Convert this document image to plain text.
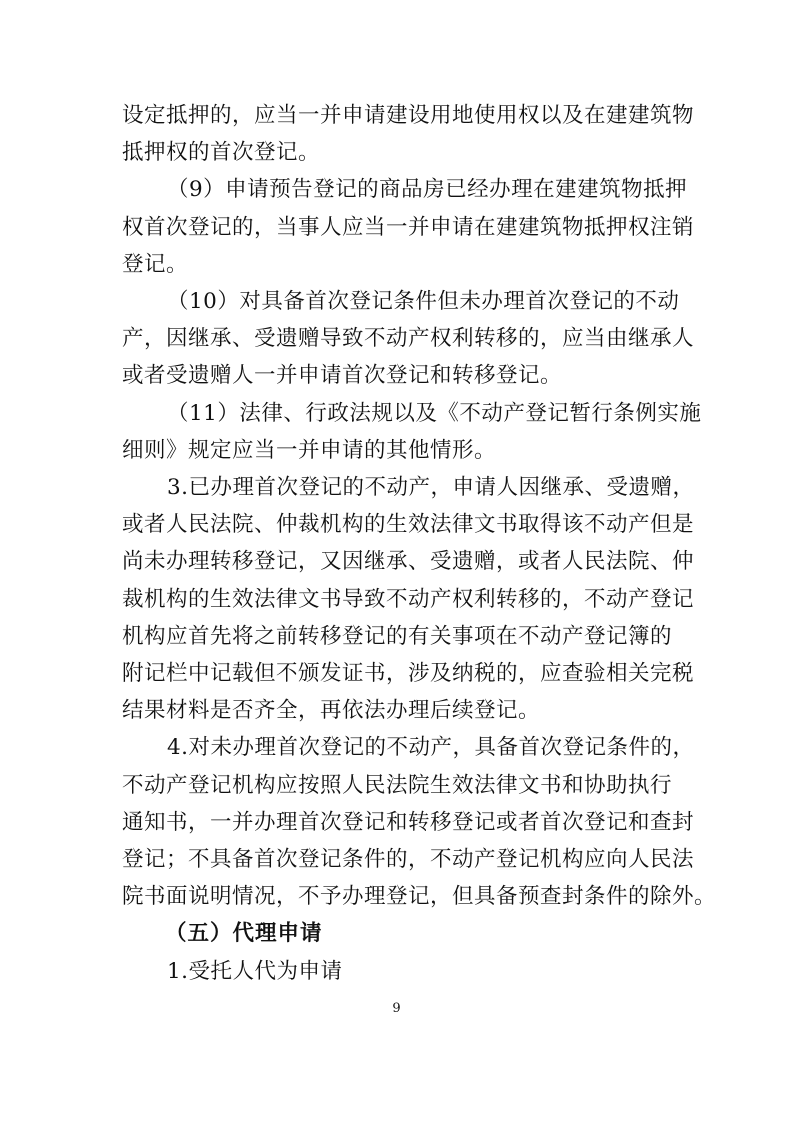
设定抵押的，应当一并申请建设用地使用权以及在建建筑物
抵押权的首次登记。
（9）申请预告登记的商品房已经办理在建建筑物抵押
权首次登记的，当事人应当一并申请在建建筑物抵押权注销
登记。
（10）对具备首次登记条件但未办理首次登记的不动
产，因继承、受遗赠导致不动产权利转移的，应当由继承人
或者受遗赠人一并申请首次登记和转移登记。
（11）法律、行政法规以及《不动产登记暂行条例实施
细则》规定应当一并申请的其他情形。
3.已办理首次登记的不动产，申请人因继承、受遗赠，
或者人民法院、仲裁机构的生效法律文书取得该不动产但是
尚未办理转移登记，又因继承、受遗赠，或者人民法院、仲
裁机构的生效法律文书导致不动产权利转移的，不动产登记
机构应首先将之前转移登记的有关事项在不动产登记簿的
附记栏中记载但不颁发证书，涉及纳税的，应查验相关完税
结果材料是否齐全，再依法办理后续登记。
4.对未办理首次登记的不动产，具备首次登记条件的，
不动产登记机构应按照人民法院生效法律文书和协助执行
通知书，一并办理首次登记和转移登记或者首次登记和查封
登记；不具备首次登记条件的，不动产登记机构应向人民法
院书面说明情况，不予办理登记，但具备预查封条件的除外。
（五）代理申请
1.受托人代为申请
9
